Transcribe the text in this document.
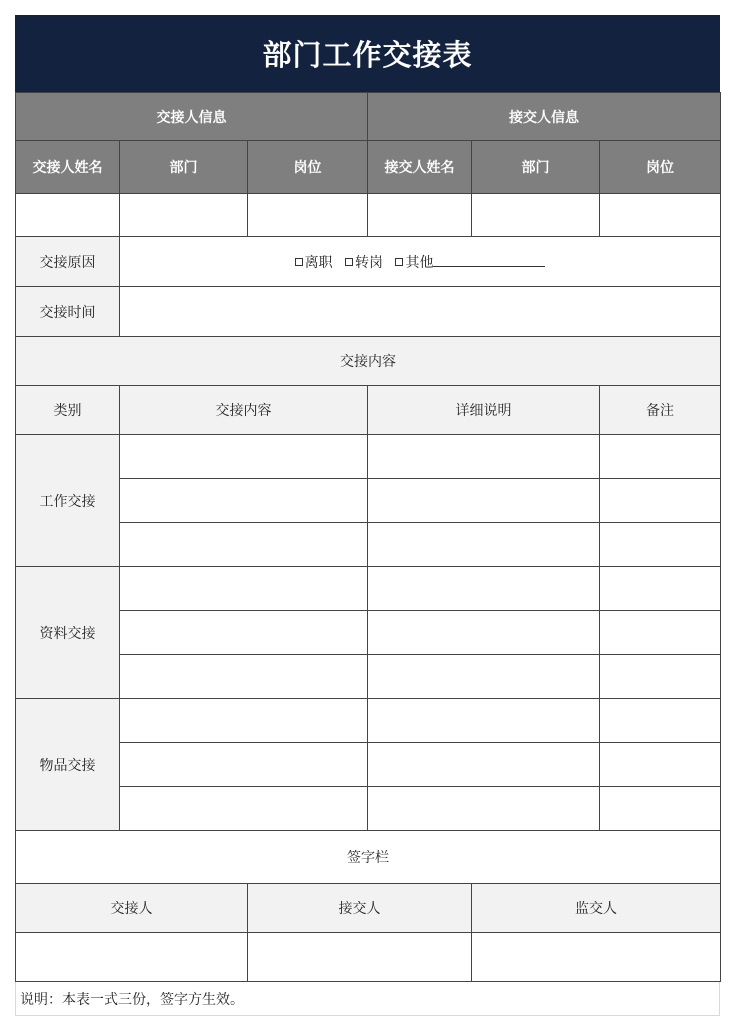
部门工作交接表
交接人信息			接交人信息		
交接人姓名	部门	岗位	接交人姓名	部门	岗位

交接原因	离职 转岗 其他				
交接时间					
交接内容					
类别	交接内容		详细说明		备注
工作交接					

资料交接					

物品交接					

签字栏					
交接人		接交人		监交人	

说明：本表一式三份，签字方生效。
